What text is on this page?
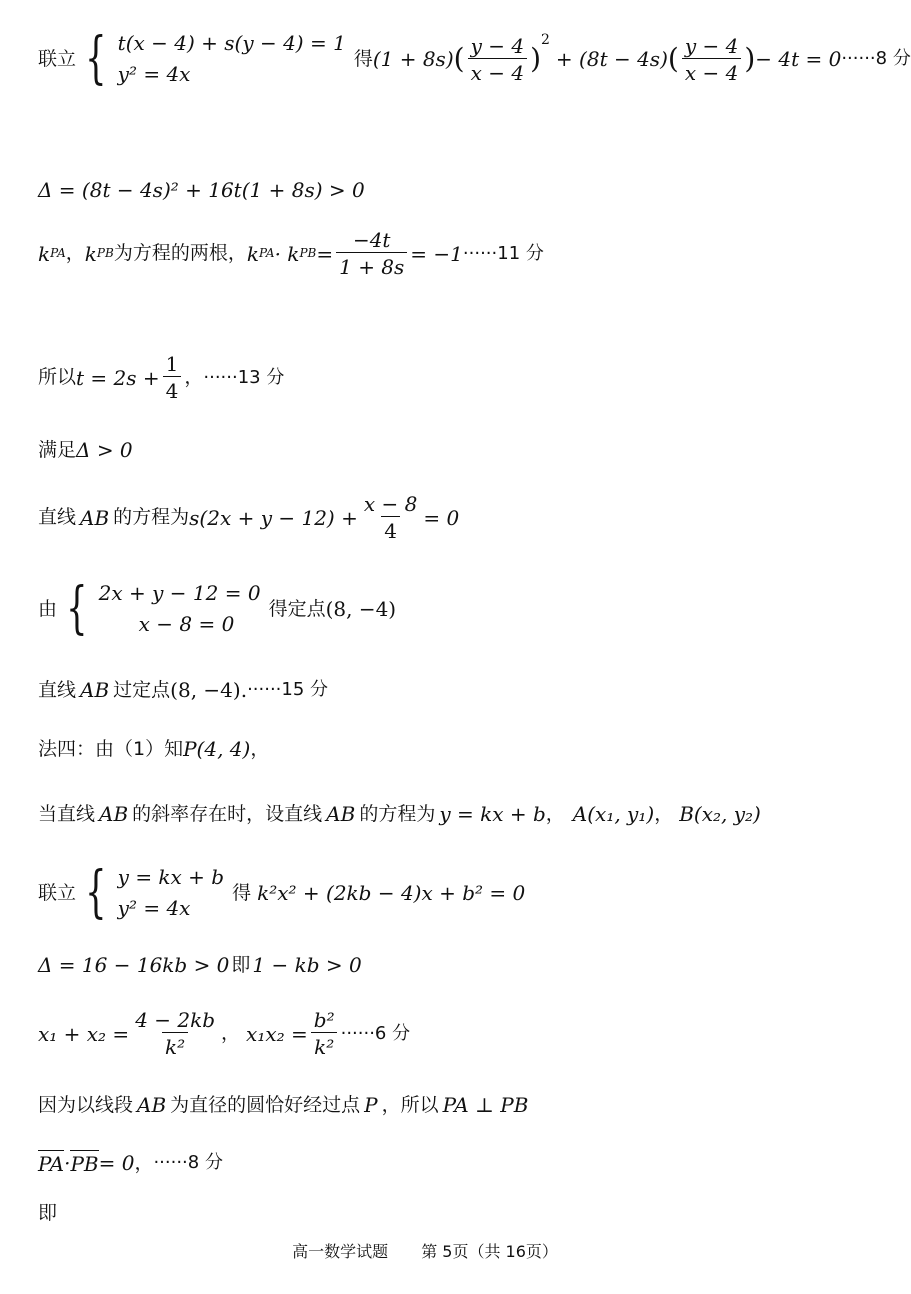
联立 { t(x − 4) + s(y − 4) = 1
y² = 4x
得 (1 + 8s) ( $\frac{y - 4}{x - 4}$ )
$^2$
+ (8t − 4s) ( $\frac{y - 4}{x - 4}$ ) − 4t = 0 ······8 分
Δ = (8t − 4s)² + 16t(1 + 8s) > 0
k PA ， k PB 为方程的两根， k PA · k PB = $\frac{-4t}{1 + 8s} = -1 \cdot\cdot\cdot\cdot\cdot\cdot 11$ 分
所以 $t = 2s + \frac{1}{4}$ ， ······13 分
满足 Δ > 0
直线 AB 的方程为 $s(2x + y - 12) + \frac{x - 8}{4} = 0$
由 { 2x + y − 12 = 0
x − 8 = 0
得定点 (8, −4)
直线 AB 过定点 (8, −4) . ······15 分
法四：由（1）知 P(4, 4) ，
当直线 AB 的斜率存在时，设直线 AB 的方程为 y = kx + b ， A(x₁, y₁) ， B(x₂, y₂)
联立 { y = kx + b
y² = 4x
得 k²x² + (2kb − 4)x + b² = 0
Δ = 16 − 16kb > 0 即 1 − kb > 0
$x_1 + x_2 = \frac{4 - 2kb}{\text{k²}}$ ， $x_1x_2 = \frac{\text{b²}}{\text{k²}} \cdot\cdot\cdot\cdot\cdot\cdot 6$ 分
因为以线段 AB 为直径的圆恰好经过点 P ，所以 PA ⊥ PB
PA · PB = 0 ， ······8 分
即
高一数学试题 第 5页（共 16页）
